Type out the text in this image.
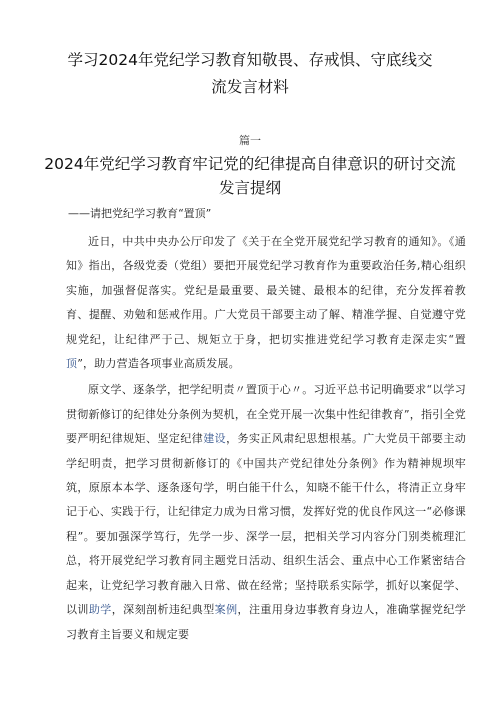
学习2024年党纪学习教育知敬畏、存戒惧、守底线交
流发言材料
篇一
2024年党纪学习教育牢记党的纪律提高自律意识的研讨交流
发言提纲
——请把党纪学习教育“置顶”

近日，中共中央办公厅印发了《关于在全党开展党纪学习教育的通知》。《通知》指出，各级党委（党组）要把开展党纪学习教育作为重要政治任务,精心组织实施，加强督促落实。党纪是最重要、最关键、最根本的纪律，充分发挥着教育、提醒、劝勉和惩戒作用。广大党员干部要主动了解、精准学握、自觉遵守党规党纪，让纪律严于己、规矩立于身，把切实推进党纪学习教育走深走实“置顶”，助力营造各项事业高质发展。

原文学、逐条学，把学纪明责〃置顶于心〃。习近平总书记明确要求“以学习贯彻新修订的纪律处分条例为契机，在全党开展一次集中性纪律教育”，指引全党要严明纪律规矩、坚定纪律建设，务实正风肃纪思想根基。广大党员干部要主动学纪明责，把学习贯彻新修订的《中国共产党纪律处分条例》作为精神规坝牢筑，原原本本学、逐条逐句学，明白能干什么，知晓不能干什么，将清正立身牢记于心、实践于行，让纪律定力成为日常习惯，发挥好党的优良作风这一“必修课程”。要加强深学笃行，先学一步、深学一层，把相关学习内容分门别类梳理汇总，将开展党纪学习教育同主题党日活动、组织生活会、重点中心工作紧密结合起来，让党纪学习教育融入日常、做在经常；坚持联系实际学，抓好以案促学、以训助学，深刻剖析违纪典型案例，注重用身边事教育身边人，准确掌握党纪学习教育主旨要义和规定要
